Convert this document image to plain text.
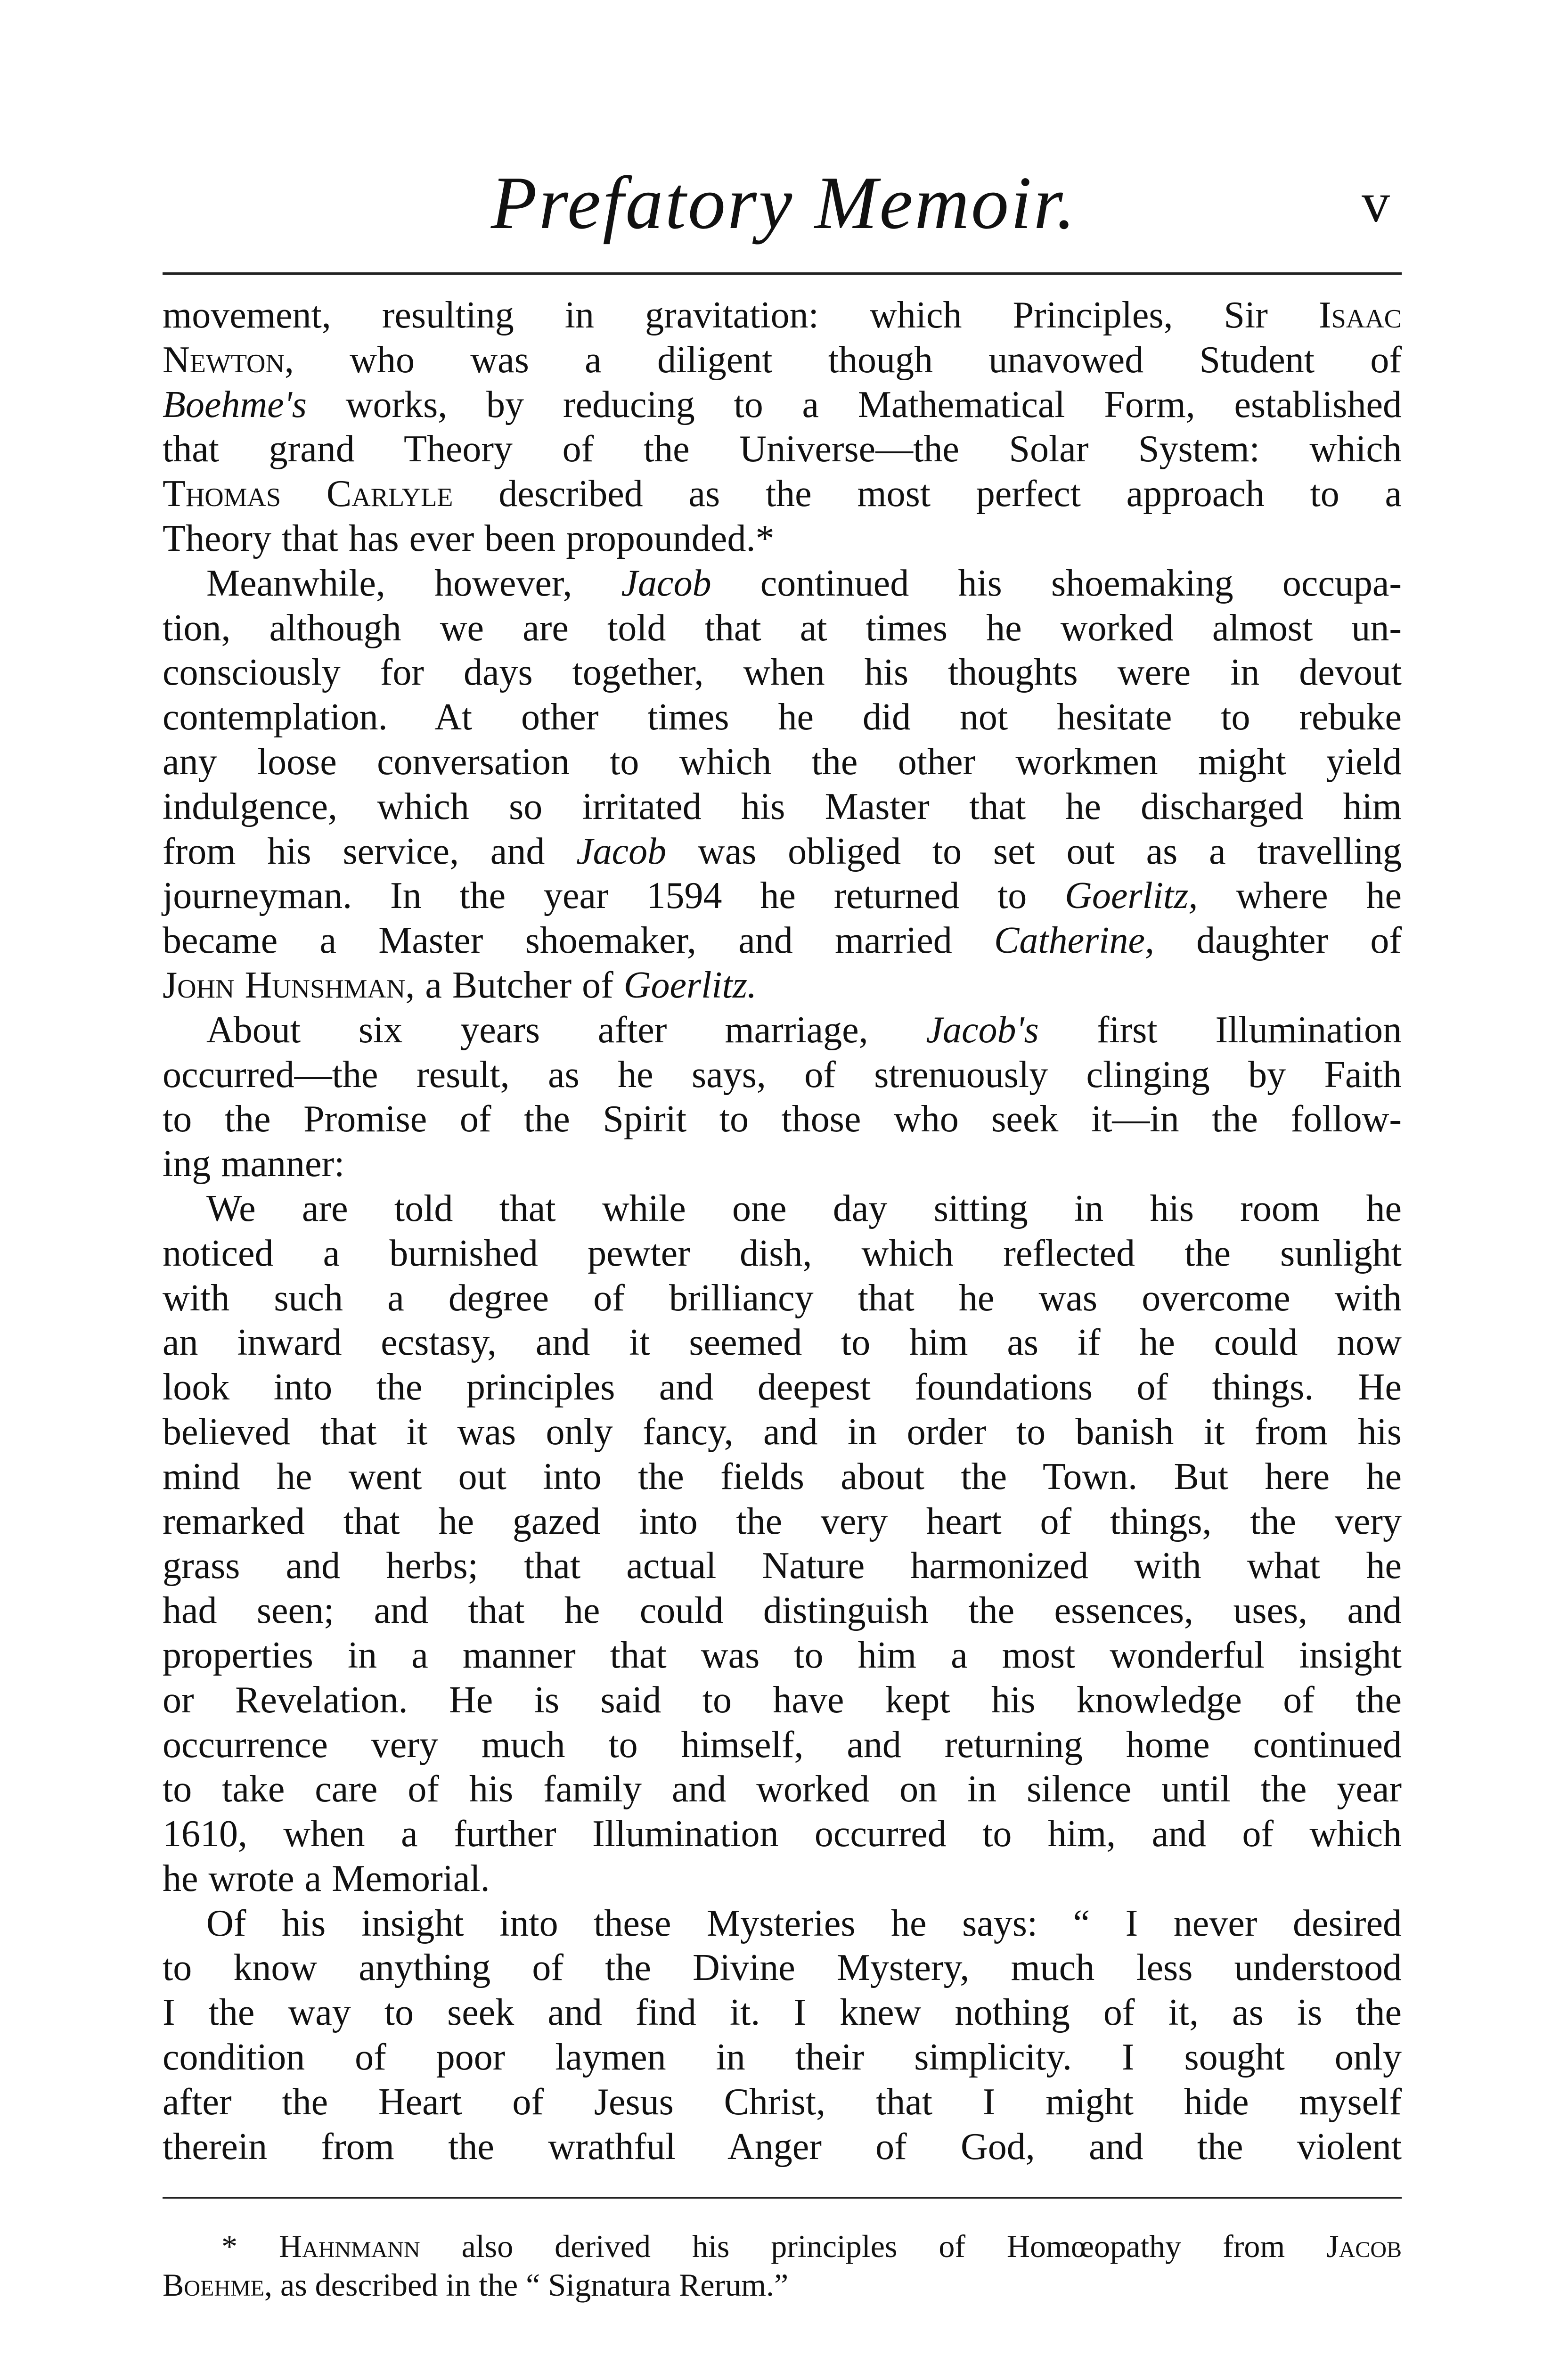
Prefatory Memoir.	v
movement, resulting in gravitation: which Principles, Sir Isaac
Newton, who was a diligent though unavowed Student of
Boehme's works, by reducing to a Mathematical Form, established
that grand Theory of the Universe—the Solar System: which
Thomas Carlyle described as the most perfect approach to a
Theory that has ever been propounded.*
Meanwhile, however, Jacob continued his shoemaking occupa-
tion, although we are told that at times he worked almost un-
consciously for days together, when his thoughts were in devout
contemplation. At other times he did not hesitate to rebuke
any loose conversation to which the other workmen might yield
indulgence, which so irritated his Master that he discharged him
from his service, and Jacob was obliged to set out as a travelling
journeyman. In the year 1594 he returned to Goerlitz, where he
became a Master shoemaker, and married Catherine, daughter of
John Hunshman, a Butcher of Goerlitz.
About six years after marriage, Jacob's first Illumination
occurred—the result, as he says, of strenuously clinging by Faith
to the Promise of the Spirit to those who seek it—in the follow-
ing manner:
We are told that while one day sitting in his room he
noticed a burnished pewter dish, which reflected the sunlight
with such a degree of brilliancy that he was overcome with
an inward ecstasy, and it seemed to him as if he could now
look into the principles and deepest foundations of things. He
believed that it was only fancy, and in order to banish it from his
mind he went out into the fields about the Town. But here he
remarked that he gazed into the very heart of things, the very
grass and herbs; that actual Nature harmonized with what he
had seen; and that he could distinguish the essences, uses, and
properties in a manner that was to him a most wonderful insight
or Revelation. He is said to have kept his knowledge of the
occurrence very much to himself, and returning home continued
to take care of his family and worked on in silence until the year
1610, when a further Illumination occurred to him, and of which
he wrote a Memorial.
Of his insight into these Mysteries he says: “ I never desired
to know anything of the Divine Mystery, much less understood
I the way to seek and find it. I knew nothing of it, as is the
condition of poor laymen in their simplicity. I sought only
after the Heart of Jesus Christ, that I might hide myself
therein from the wrathful Anger of God, and the violent
* Hahnmann also derived his principles of Homœopathy from Jacob
Boehme, as described in the “ Signatura Rerum.”
